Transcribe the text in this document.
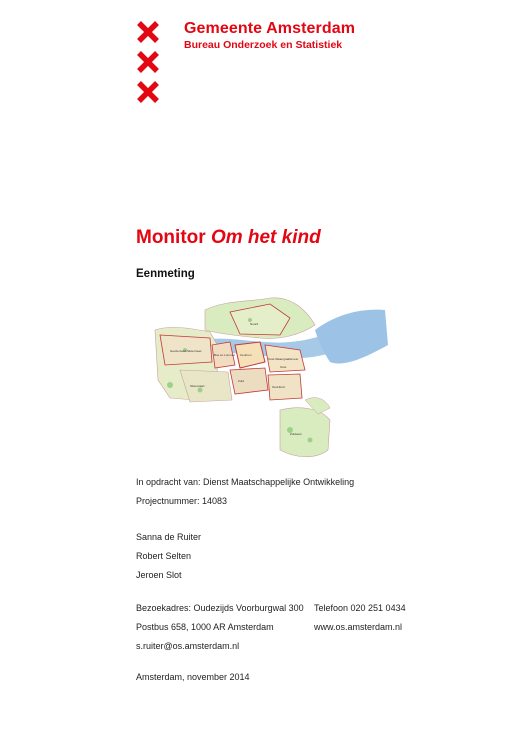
Gemeente Amsterdam
Bureau Onderzoek en Statistiek
Monitor Om het kind
Eenmeting
Geuzenveld-Slotermeer
Bos en Lommer Centrum
Oost-Watergraafsmeer
Noord
Zuid
Oud-Zuid
Zuidoost
Oost
Slotervaart
In opdracht van: Dienst Maatschappelijke Ontwikkeling
Projectnummer: 14083
Sanna de Ruiter
Robert Selten
Jeroen Slot
Bezoekadres: Oudezijds Voorburgwal 300 Telefoon 020 251 0434
Postbus 658, 1000 AR Amsterdam	www.os.amsterdam.nl
s.ruiter@os.amsterdam.nl
Amsterdam, november 2014
